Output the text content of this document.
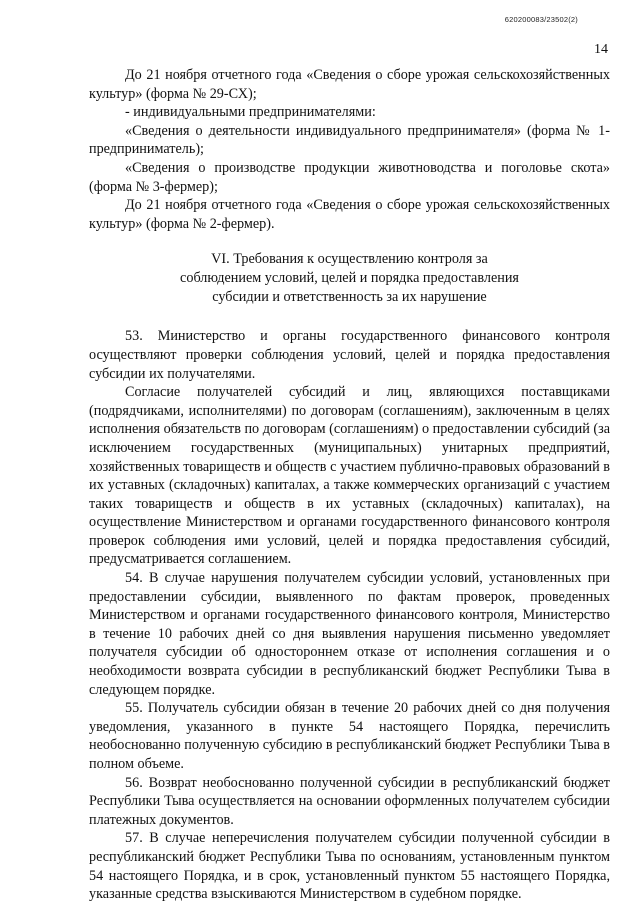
620200083/23502(2)
14

До 21 ноября отчетного года «Сведения о сборе урожая сельскохозяйственных культур» (форма № 29-СХ);

- индивидуальными предпринимателями:

«Сведения о деятельности индивидуального предпринимателя» (форма № 1-предприниматель);

«Сведения о производстве продукции животноводства и поголовье скота» (форма № 3-фермер);

До 21 ноября отчетного года «Сведения о сборе урожая сельскохозяйственных культур» (форма № 2-фермер).

VI. Требования к осуществлению контроля за
соблюдением условий, целей и порядка предоставления
субсидии и ответственность за их нарушение

53. Министерство и органы государственного финансового контроля осуществляют проверки соблюдения условий, целей и порядка предоставления субсидии их получателями.

Согласие получателей субсидий и лиц, являющихся поставщиками (подрядчиками, исполнителями) по договорам (соглашениям), заключенным в целях исполнения обязательств по договорам (соглашениям) о предоставлении субсидий (за исключением государственных (муниципальных) унитарных предприятий, хозяйственных товариществ и обществ с участием публично-правовых образований в их уставных (складочных) капиталах, а также коммерческих организаций с участием таких товариществ и обществ в их уставных (складочных) капиталах), на осуществление Министерством и органами государственного финансового контроля проверок соблюдения ими условий, целей и порядка предоставления субсидий, предусматривается соглашением.

54. В случае нарушения получателем субсидии условий, установленных при предоставлении субсидии, выявленного по фактам проверок, проведенных Министерством и органами государственного финансового контроля, Министерство в течение 10 рабочих дней со дня выявления нарушения письменно уведомляет получателя субсидии об одностороннем отказе от исполнения соглашения и о необходимости возврата субсидии в республиканский бюджет Республики Тыва в следующем порядке.

55. Получатель субсидии обязан в течение 20 рабочих дней со дня получения уведомления, указанного в пункте 54 настоящего Порядка, перечислить необоснованно полученную субсидию в республиканский бюджет Республики Тыва в полном объеме.

56. Возврат необоснованно полученной субсидии в республиканский бюджет Республики Тыва осуществляется на основании оформленных получателем субсидии платежных документов.

57. В случае неперечисления получателем субсидии полученной субсидии в республиканский бюджет Республики Тыва по основаниям, установленным пунктом 54 настоящего Порядка, и в срок, установленный пунктом 55 настоящего Порядка, указанные средства взыскиваются Министерством в судебном порядке.
